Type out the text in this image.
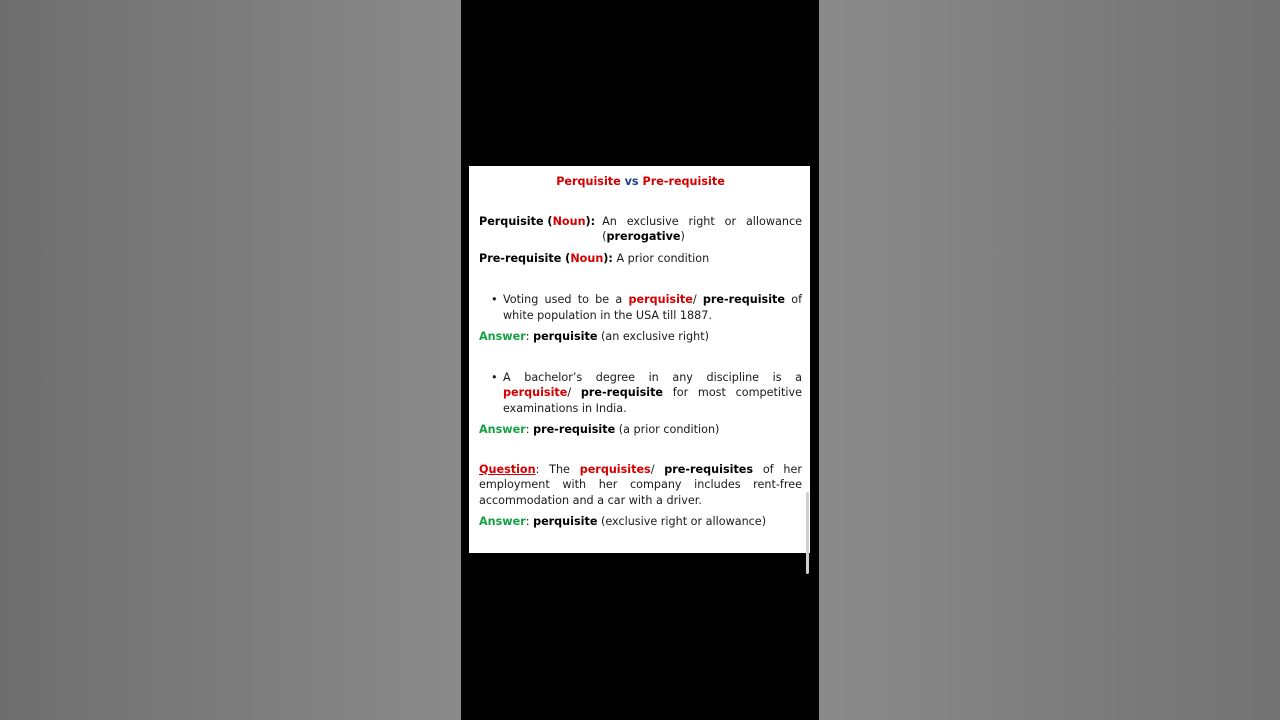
Perquisite vs Pre-requisite
Perquisite (Noun): An exclusive right or allowance (prerogative)
Pre-requisite (Noun): A prior condition
• Voting used to be a perquisite/ pre-requisite of white population in the USA till 1887.
Answer: perquisite (an exclusive right)
• A bachelor’s degree in any discipline is a perquisite/ pre-requisite for most competitive examinations in India.
Answer: pre-requisite (a prior condition)
Question: The perquisites/ pre-requisites of her employment with her company includes rent-free accommodation and a car with a driver.
Answer: perquisite (exclusive right or allowance)
